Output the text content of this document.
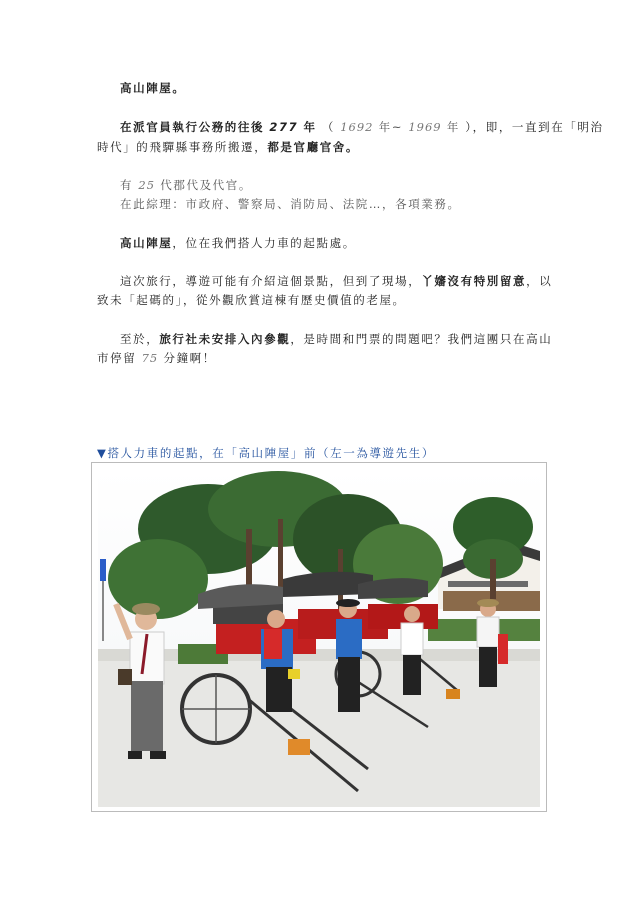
高山陣屋。
在派官員執行公務的往後 277 年 （ 1692 年~ 1969 年 ），即，一直到在「明治
時代」的飛驒縣事務所搬遷，都是官廳官舍。
有 25 代郡代及代官。
在此綜理：市政府、警察局、消防局、法院…，各項業務。
高山陣屋，位在我們搭人力車的起點處。
這次旅行，導遊可能有介紹這個景點，但到了現場，丫嬸沒有特別留意，以
致未「起碼的」，從外觀欣賞這棟有歷史價值的老屋。
至於，旅行社未安排入內參觀，是時間和門票的問題吧？我們這團只在高山
市停留 75 分鐘啊！
▼搭人力車的起點，在「高山陣屋」前（左一為導遊先生）
